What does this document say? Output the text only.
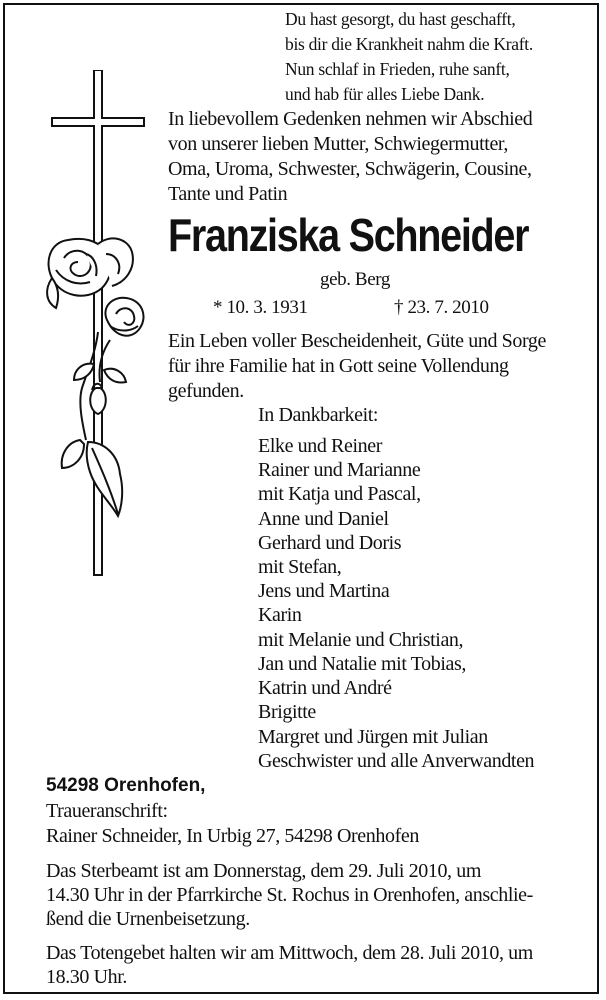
Du hast gesorgt, du hast geschafft,
bis dir die Krankheit nahm die Kraft.
Nun schlaf in Frieden, ruhe sanft,
und hab für alles Liebe Dank.
In liebevollem Gedenken nehmen wir Abschied
von unserer lieben Mutter, Schwiegermutter,
Oma, Uroma, Schwester, Schwägerin, Cousine,
Tante und Patin
Franziska Schneider
geb. Berg
* 10. 3. 1931	† 23. 7. 2010
Ein Leben voller Bescheidenheit, Güte und Sorge
für ihre Familie hat in Gott seine Vollendung
gefunden.
In Dankbarkeit:
Elke und Reiner
Rainer und Marianne
mit Katja und Pascal,
Anne und Daniel
Gerhard und Doris
mit Stefan,
Jens und Martina
Karin
mit Melanie und Christian,
Jan und Natalie mit Tobias,
Katrin und André
Brigitte
Margret und Jürgen mit Julian
Geschwister und alle Anverwandten
54298 Orenhofen,
Traueranschrift:
Rainer Schneider, In Urbig 27, 54298 Orenhofen
Das Sterbeamt ist am Donnerstag, dem 29. Juli 2010, um
14.30 Uhr in der Pfarrkirche St. Rochus in Orenhofen, anschlie-
ßend die Urnenbeisetzung.
Das Totengebet halten wir am Mittwoch, dem 28. Juli 2010, um
18.30 Uhr.
